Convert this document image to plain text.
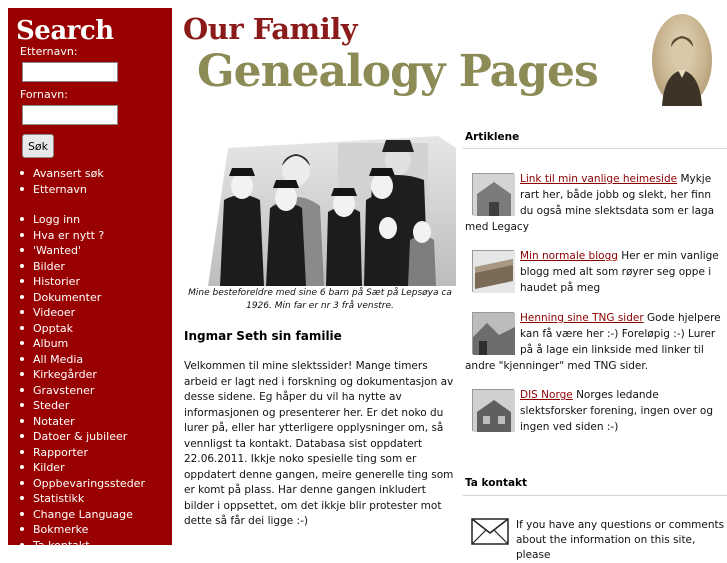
Search
Etternavn:
Fornavn:
Søk
Avansert søk
Etternavn
Logg inn
Hva er nytt ?
'Wanted'
Bilder
Historier
Dokumenter
Videoer
Opptak
Album
All Media
Kirkegårder
Gravstener
Steder
Notater
Datoer & jubileer
Rapporter
Kilder
Oppbevaringssteder
Statistikk
Change Language
Bokmerke
Ta kontakt
Our Family
Genealogy Pages
Mine besteforeldre med sine 6 barn på Sæt på Lepsøya ca 1926. Min far er nr 3 frå venstre.
Ingmar Seth sin familie
Velkommen til mine slektssider! Mange timers arbeid er lagt ned i forskning og dokumentasjon av desse sidene. Eg håper du vil ha nytte av informasjonen og presenterer her. Er det noko du lurer på, eller har ytterligere opplysninger om, så vennligst ta kontakt. Databasa sist oppdatert 22.06.2011. Ikkje noko spesielle ting som er oppdatert denne gangen, meire generelle ting som er komt på plass. Har denne gangen inkludert bilder i oppsettet, om det ikkje blir protester mot dette så får dei ligge :-)
Artiklene
Link til min vanlige heimeside Mykje rart her, både jobb og slekt, her finn du også mine slektsdata som er laga med Legacy
Min normale blogg Her er min vanlige blogg med alt som røyrer seg oppe i haudet på meg
Henning sine TNG sider Gode hjelpere kan få være her :-) Foreløpig :-) Lurer på å lage ein linkside med linker til andre "kjenninger" med TNG sider.
DIS Norge Norges ledande slektsforsker forening, ingen over og ingen ved siden :-)
Ta kontakt
If you have any questions or comments about the information on this site, please
